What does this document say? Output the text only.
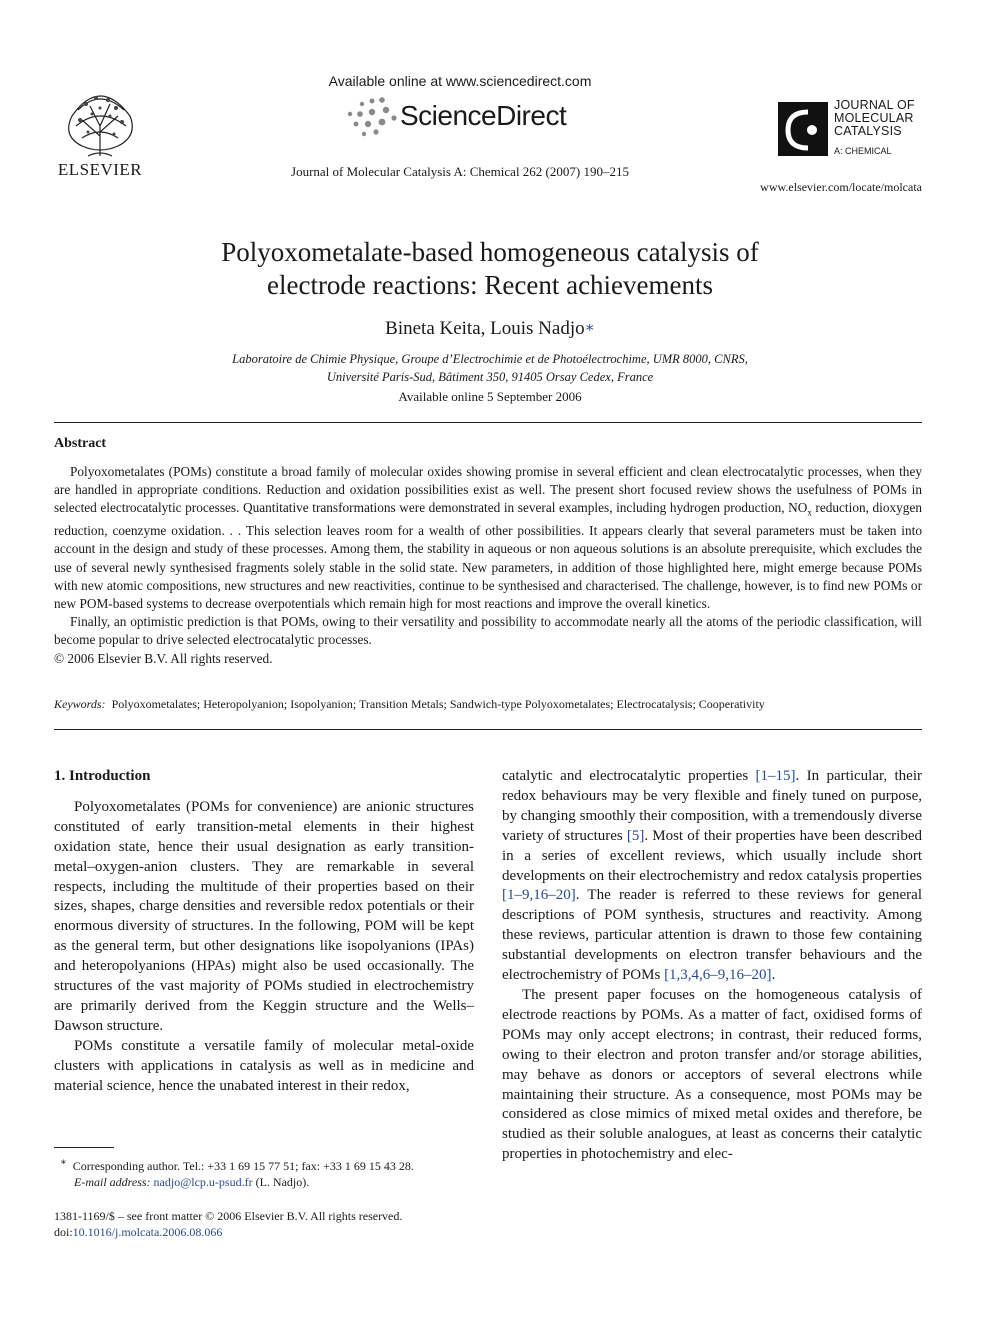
ELSEVIER
Available online at www.sciencedirect.com
ScienceDirect
Journal of Molecular Catalysis A: Chemical 262 (2007) 190–215
JOURNAL OF
MOLECULAR
CATALYSIS
A: CHEMICAL
www.elsevier.com/locate/molcata
Polyoxometalate-based homogeneous catalysis of
electrode reactions: Recent achievements
Bineta Keita, Louis Nadjo∗
Laboratoire de Chimie Physique, Groupe d’Electrochimie et de Photoélectrochime, UMR 8000, CNRS,
Université Paris-Sud, Bâtiment 350, 91405 Orsay Cedex, France
Available online 5 September 2006
Abstract

Polyoxometalates (POMs) constitute a broad family of molecular oxides showing promise in several efficient and clean electrocatalytic processes, when they are handled in appropriate conditions. Reduction and oxidation possibilities exist as well. The present short focused review shows the usefulness of POMs in selected electrocatalytic processes. Quantitative transformations were demonstrated in several examples, including hydrogen production, $NO_x$ reduction, dioxygen reduction, coenzyme oxidation. . . This selection leaves room for a wealth of other possibilities. It appears clearly that several parameters must be taken into account in the design and study of these processes. Among them, the stability in aqueous or non aqueous solutions is an absolute prerequisite, which excludes the use of several newly synthesised fragments solely stable in the solid state. New parameters, in addition of those highlighted here, might emerge because POMs with new atomic compositions, new structures and new reactivities, continue to be synthesised and characterised. The challenge, however, is to find new POMs or new POM-based systems to decrease overpotentials which remain high for most reactions and improve the overall kinetics.

Finally, an optimistic prediction is that POMs, owing to their versatility and possibility to accommodate nearly all the atoms of the periodic classification, will become popular to drive selected electrocatalytic processes.

© 2006 Elsevier B.V. All rights reserved.

Keywords: Polyoxometalates; Heteropolyanion; Isopolyanion; Transition Metals; Sandwich-type Polyoxometalates; Electrocatalysis; Cooperativity
1. Introduction

Polyoxometalates (POMs for convenience) are anionic structures constituted of early transition-metal elements in their highest oxidation state, hence their usual designation as early transition-metal–oxygen-anion clusters. They are remarkable in several respects, including the multitude of their properties based on their sizes, shapes, charge densities and reversible redox potentials or their enormous diversity of structures. In the following, POM will be kept as the general term, but other designations like isopolyanions (IPAs) and heteropolyanions (HPAs) might also be used occasionally. The structures of the vast majority of POMs studied in electrochemistry are primarily derived from the Keggin structure and the Wells–Dawson structure.

POMs constitute a versatile family of molecular metal-oxide clusters with applications in catalysis as well as in medicine and material science, hence the unabated interest in their redox,

catalytic and electrocatalytic properties [1–15]. In particular, their redox behaviours may be very flexible and finely tuned on purpose, by changing smoothly their composition, with a tremendously diverse variety of structures [5]. Most of their properties have been described in a series of excellent reviews, which usually include short developments on their electrochemistry and redox catalysis properties [1–9,16–20]. The reader is referred to these reviews for general descriptions of POM synthesis, structures and reactivity. Among these reviews, particular attention is drawn to those few containing substantial developments on electron transfer behaviours and the electrochemistry of POMs [1,3,4,6–9,16–20].

The present paper focuses on the homogeneous catalysis of electrode reactions by POMs. As a matter of fact, oxidised forms of POMs may only accept electrons; in contrast, their reduced forms, owing to their electron and proton transfer and/or storage abilities, may behave as donors or acceptors of several electrons while maintaining their structure. As a consequence, most POMs may be considered as close mimics of mixed metal oxides and therefore, be studied as their soluble analogues, at least as concerns their catalytic properties in photochemistry and elec-

∗ Corresponding author. Tel.: +33 1 69 15 77 51; fax: +33 1 69 15 43 28.
E-mail address: nadjo@lcp.u-psud.fr (L. Nadjo).
1381-1169/$ – see front matter © 2006 Elsevier B.V. All rights reserved.
doi:10.1016/j.molcata.2006.08.066
